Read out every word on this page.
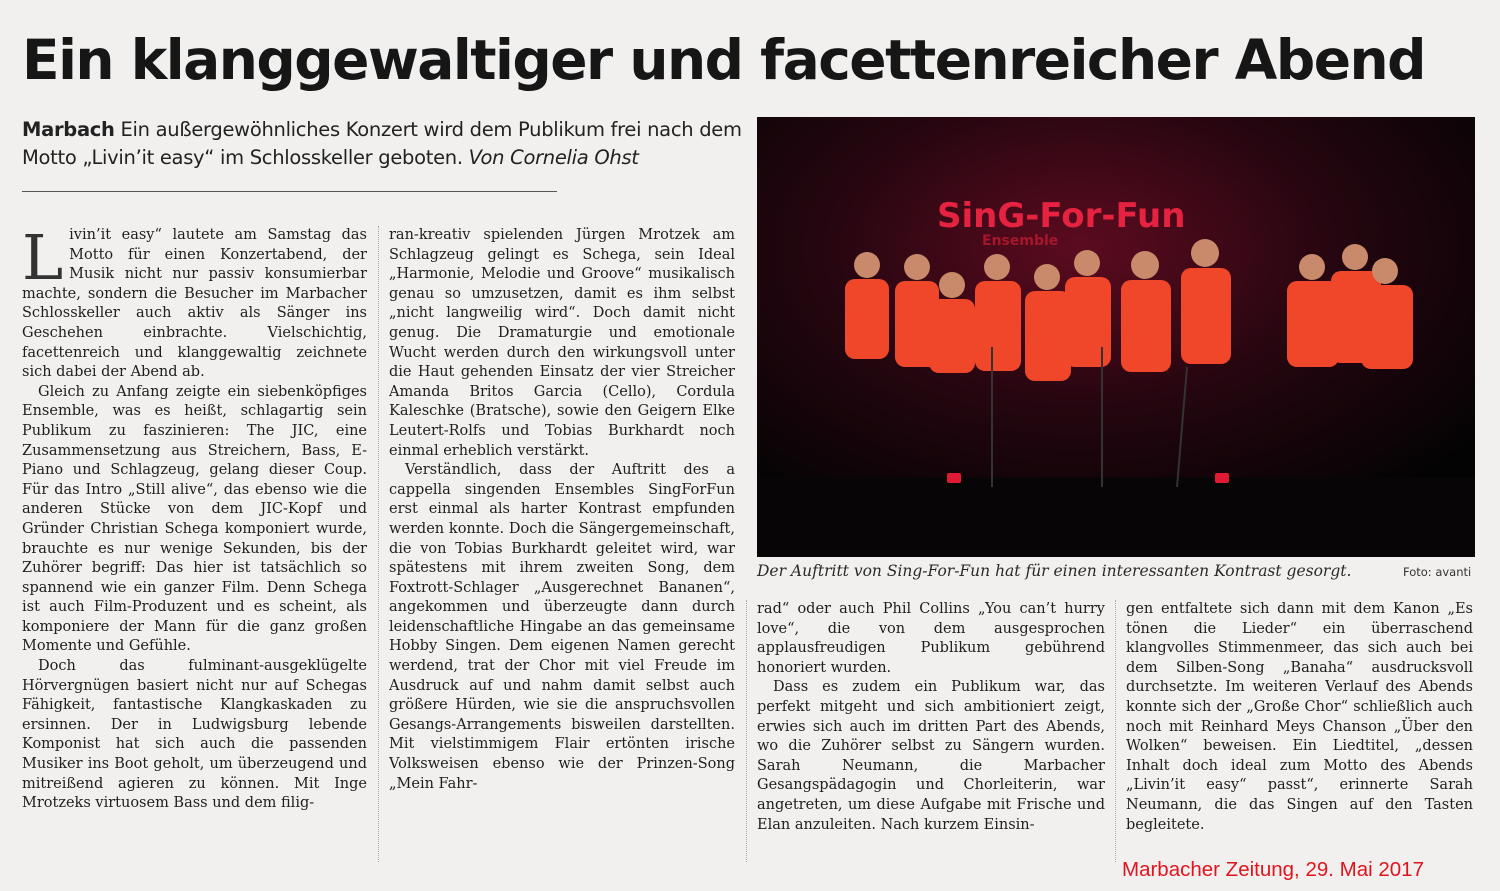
Ein klanggewaltiger und facettenreicher Abend
Marbach Ein außergewöhnliches Konzert wird dem Publikum frei nach dem Motto „Livin’it easy“ im Schlosskeller geboten. Von Cornelia Ohst
L ivin’it easy“ lautete am Samstag das Motto für einen Konzertabend, der Musik nicht nur passiv konsumierbar machte, sondern die Besucher im Marbacher Schlosskeller auch aktiv als Sänger ins Geschehen einbrachte. Vielschichtig, facettenreich und klanggewaltig zeichnete sich dabei der Abend ab.

Gleich zu Anfang zeigte ein siebenköpfiges Ensemble, was es heißt, schlagartig sein Publikum zu faszinieren: The JIC, eine Zusammensetzung aus Streichern, Bass, E-Piano und Schlagzeug, gelang dieser Coup. Für das Intro „Still alive“, das ebenso wie die anderen Stücke von dem JIC-Kopf und Gründer Christian Schega komponiert wurde, brauchte es nur wenige Sekunden, bis der Zuhörer begriff: Das hier ist tatsächlich so spannend wie ein ganzer Film. Denn Schega ist auch Film-Produzent und es scheint, als komponiere der Mann für die ganz großen Momente und Gefühle.

Doch das fulminant-ausgeklügelte Hörvergnügen basiert nicht nur auf Schegas Fähigkeit, fantastische Klangkaskaden zu ersinnen. Der in Ludwigsburg lebende Komponist hat sich auch die passenden Musiker ins Boot geholt, um überzeugend und mitreißend agieren zu können. Mit Inge Mrotzeks virtuosem Bass und dem filig-

ran-kreativ spielenden Jürgen Mrotzek am Schlagzeug gelingt es Schega, sein Ideal „Harmonie, Melodie und Groove“ musikalisch genau so umzusetzen, damit es ihm selbst „nicht langweilig wird“. Doch damit nicht genug. Die Dramaturgie und emotionale Wucht werden durch den wirkungsvoll unter die Haut gehenden Einsatz der vier Streicher Amanda Britos Garcia (Cello), Cordula Kaleschke (Bratsche), sowie den Geigern Elke Leutert-Rolfs und Tobias Burkhardt noch einmal erheblich verstärkt.

Verständlich, dass der Auftritt des a cappella singenden Ensembles SingForFun erst einmal als harter Kontrast empfunden werden konnte. Doch die Sängergemeinschaft, die von Tobias Burkhardt geleitet wird, war spätestens mit ihrem zweiten Song, dem Foxtrott-Schlager „Ausgerechnet Bananen“, angekommen und überzeugte dann durch leidenschaftliche Hingabe an das gemeinsame Hobby Singen. Dem eigenen Namen gerecht werdend, trat der Chor mit viel Freude im Ausdruck auf und nahm damit selbst auch größere Hürden, wie sie die anspruchsvollen Gesangs-Arrangements bisweilen darstellten. Mit vielstimmigem Flair ertönten irische Volksweisen ebenso wie der Prinzen-Song „Mein Fahr-

SinG-For-Fun
Ensemble
Der Auftritt von Sing-For-Fun hat für einen interessanten Kontrast gesorgt.	Foto: avanti

rad“ oder auch Phil Collins „You can’t hurry love“, die von dem ausgesprochen applausfreudigen Publikum gebührend honoriert wurden.

Dass es zudem ein Publikum war, das perfekt mitgeht und sich ambitioniert zeigt, erwies sich auch im dritten Part des Abends, wo die Zuhörer selbst zu Sängern wurden. Sarah Neumann, die Marbacher Gesangspädagogin und Chorleiterin, war angetreten, um diese Aufgabe mit Frische und Elan anzuleiten. Nach kurzem Einsin-

gen entfaltete sich dann mit dem Kanon „Es tönen die Lieder“ ein überraschend klangvolles Stimmenmeer, das sich auch bei dem Silben-Song „Banaha“ ausdrucksvoll durchsetzte. Im weiteren Verlauf des Abends konnte sich der „Große Chor“ schließlich auch noch mit Reinhard Meys Chanson „Über den Wolken“ beweisen. Ein Liedtitel, „dessen Inhalt doch ideal zum Motto des Abends „Livin’it easy“ passt“, erinnerte Sarah Neumann, die das Singen auf den Tasten begleitete.

Marbacher Zeitung, 29. Mai 2017
